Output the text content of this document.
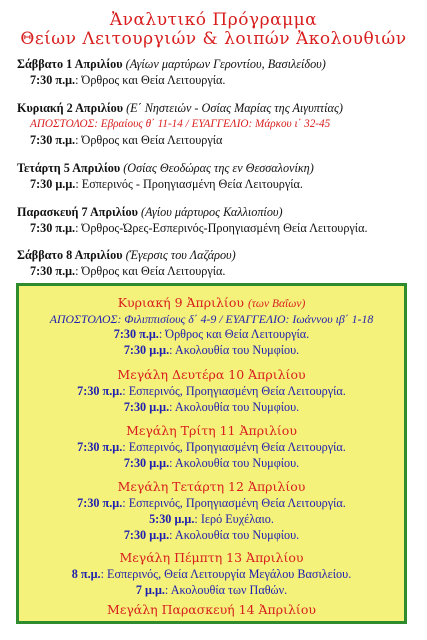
Ἀναλυτικό Πρόγραμμα
Θείων Λειτουργιών & λοιπών Ἀκολουθιών
Σάββατο 1 Απριλίου (Αγίων μαρτύρων Γεροντίου, Βασιλείδου)
7:30 π.μ.: Όρθρος και Θεία Λειτουργία.
Κυριακή 2 Απριλίου (Ε΄ Νηστειών - Οσίας Μαρίας της Αιγυπτίας)
ΑΠΟΣΤΟΛΟΣ: Εβραίους θ΄ 11-14 / ΕΥΑΓΓΕΛΙΟ: Μάρκου ι΄ 32-45
7:30 π.μ.: Όρθρος και Θεία Λειτουργία
Τετάρτη 5 Απριλίου (Οσίας Θεοδώρας της εν Θεσσαλονίκη)
7:30 μ.μ.: Εσπερινός - Προηγιασμένη Θεία Λειτουργία.
Παρασκευή 7 Απριλίου (Αγίου μάρτυρος Καλλιοπίου)
7:30 π.μ.: Όρθρος-Ώρες-Εσπερινός-Προηγιασμένη Θεία Λειτουργία.
Σάββατο 8 Απριλίου (Έγερσις του Λαζάρου)
7:30 π.μ.: Όρθρος και Θεία Λειτουργία.
Κυριακή 9 Ἀπριλίου (των Βαΐων)
ΑΠΟΣΤΟΛΟΣ: Φιλιππισίους δ΄ 4-9 / ΕΥΑΓΓΕΛΙΟ: Ιωάννου ιβ΄ 1-18
7:30 π.μ.: Όρθρος και Θεία Λειτουργία.
7:30 μ.μ.: Ακολουθία του Νυμφίου.
Μεγάλη Δευτέρα 10 Ἀπριλίου
7:30 π.μ.: Εσπερινός, Προηγιασμένη Θεία Λειτουργία.
7:30 μ.μ.: Ακολουθία του Νυμφίου.
Μεγάλη Τρίτη 11 Ἀπριλίου
7:30 π.μ.: Εσπερινός, Προηγιασμένη Θεία Λειτουργία.
7:30 μ.μ.: Ακολουθία του Νυμφίου.
Μεγάλη Τετάρτη 12 Ἀπριλίου
7:30 π.μ.: Εσπερινός, Προηγιασμένη Θεία Λειτουργία.
5:30 μ.μ.: Ιερό Ευχέλαιο.
7:30 μ.μ.: Ακολουθία του Νυμφίου.
Μεγάλη Πέμπτη 13 Ἀπριλίου
8 π.μ.: Εσπερινός, Θεία Λειτουργία Μεγάλου Βασιλείου.
7 μ.μ.: Ακολουθία των Παθών.
Μεγάλη Παρασκευή 14 Ἀπριλίου
